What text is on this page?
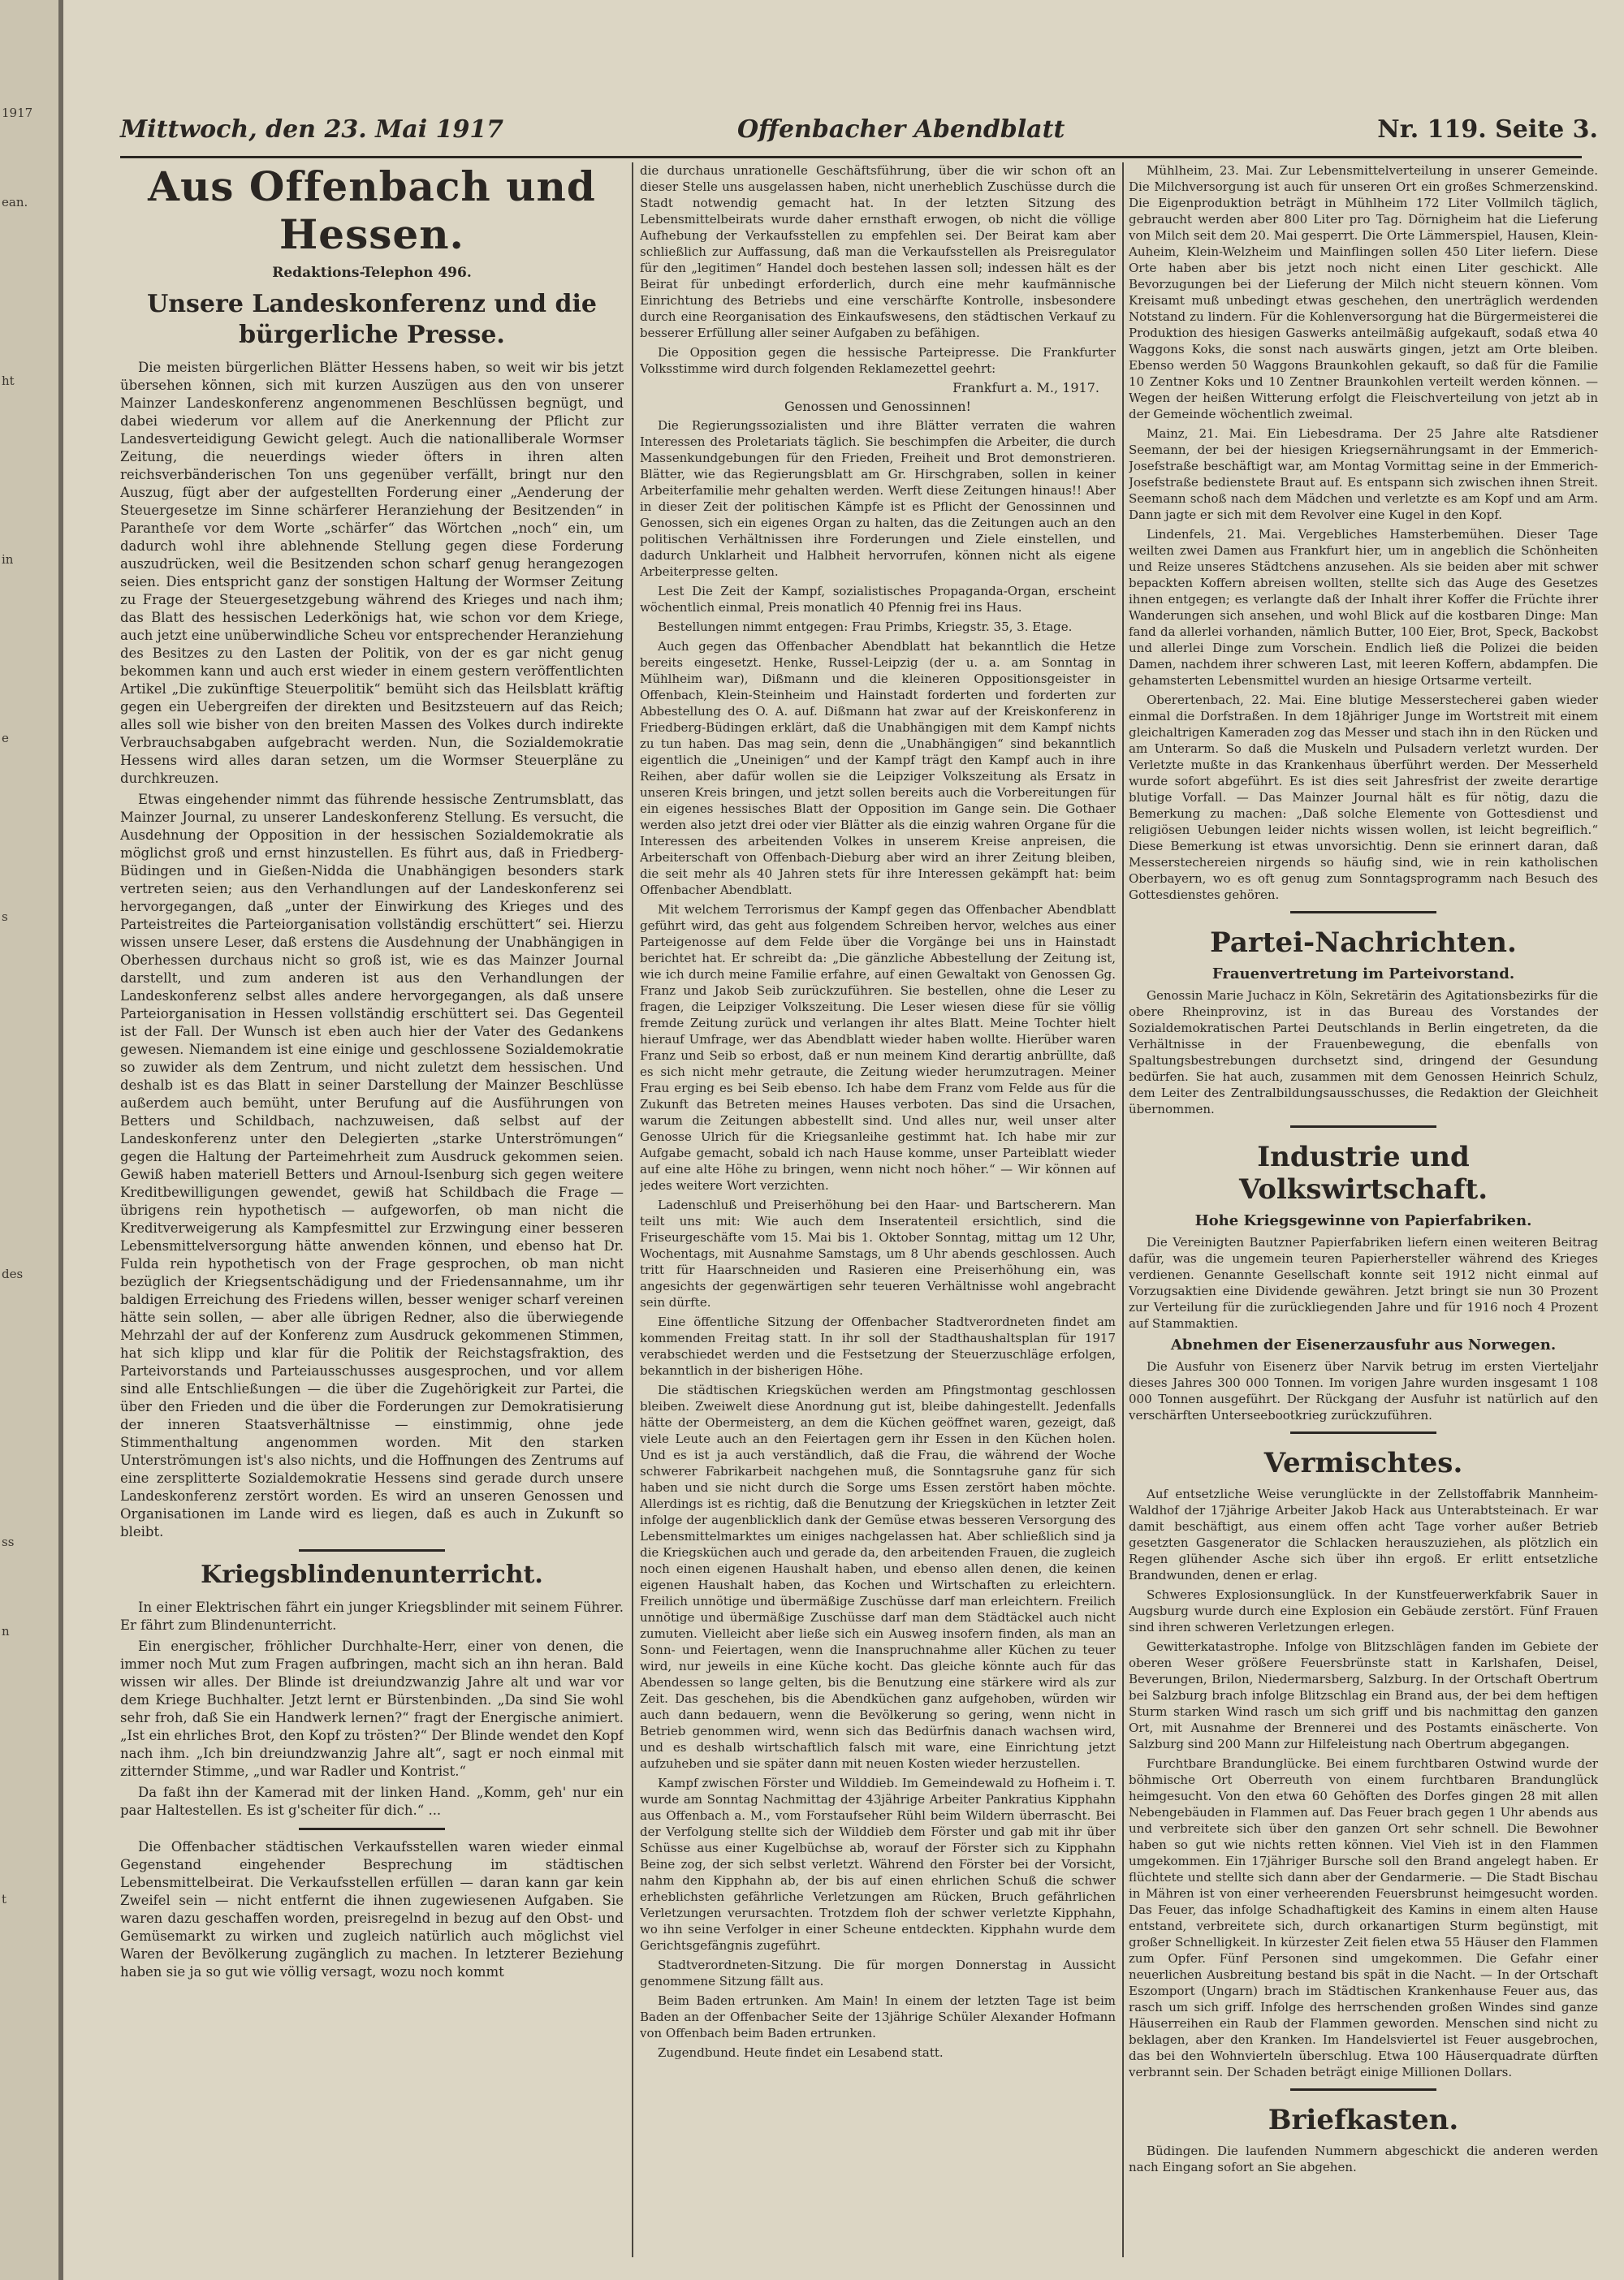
1917
ean.
ht
in
e
s
des
ss
n
t
Mittwoch, den 23. Mai 1917	Offenbacher Abendblatt	Nr. 119. Seite 3.
Aus Offenbach und Hessen.
Redaktions-Telephon 496.
Unsere Landeskonferenz und die bürgerliche Presse.

Die meisten bürgerlichen Blätter Hessens haben, so weit wir bis jetzt übersehen können, sich mit kurzen Auszügen aus den von unserer Mainzer Landeskonferenz angenommenen Beschlüssen begnügt, und dabei wiederum vor allem auf die Anerkennung der Pflicht zur Landesverteidigung Gewicht gelegt. Auch die nationalliberale Wormser Zeitung, die neuerdings wieder öfters in ihren alten reichsverbänderischen Ton uns gegenüber verfällt, bringt nur den Auszug, fügt aber der aufgestellten Forderung einer „Aenderung der Steuergesetze im Sinne schärferer Heranziehung der Besitzenden“ in Parantheſe vor dem Worte „schärfer“ das Wörtchen „noch“ ein, um dadurch wohl ihre ablehnende Stellung gegen diese Forderung auszudrücken, weil die Besitzenden schon scharf genug herangezogen seien. Dies entspricht ganz der sonstigen Haltung der Wormser Zeitung zu Frage der Steuergesetzgebung während des Krieges und nach ihm; das Blatt des hessischen Lederkönigs hat, wie schon vor dem Kriege, auch jetzt eine unüberwindliche Scheu vor entsprechender Heranziehung des Besitzes zu den Lasten der Politik, von der es gar nicht genug bekommen kann und auch erst wieder in einem gestern veröffentlichten Artikel „Die zukünftige Steuerpolitik“ bemüht sich das Heilsblatt kräftig gegen ein Uebergreifen der direkten und Besitzsteuern auf das Reich; alles soll wie bisher von den breiten Massen des Volkes durch indirekte Verbrauchsabgaben aufgebracht werden. Nun, die Sozialdemokratie Hessens wird alles daran setzen, um die Wormser Steuerpläne zu durchkreuzen.

Etwas eingehender nimmt das führende hessische Zentrumsblatt, das Mainzer Journal, zu unserer Landeskonferenz Stellung. Es versucht, die Ausdehnung der Opposition in der hessischen Sozialdemokratie als möglichst groß und ernst hinzustellen. Es führt aus, daß in Friedberg-Büdingen und in Gießen-Nidda die Unabhängigen besonders stark vertreten seien; aus den Verhandlungen auf der Landeskonferenz sei hervorgegangen, daß „unter der Einwirkung des Krieges und des Parteistreites die Parteiorganisation vollständig erschüttert“ sei. Hierzu wissen unsere Leser, daß erstens die Ausdehnung der Unabhängigen in Oberhessen durchaus nicht so groß ist, wie es das Mainzer Journal darstellt, und zum anderen ist aus den Verhandlungen der Landeskonferenz selbst alles andere hervorgegangen, als daß unsere Parteiorganisation in Hessen vollständig erschüttert sei. Das Gegenteil ist der Fall. Der Wunsch ist eben auch hier der Vater des Gedankens gewesen. Niemandem ist eine einige und geschlossene Sozialdemokratie so zuwider als dem Zentrum, und nicht zuletzt dem hessischen. Und deshalb ist es das Blatt in seiner Darstellung der Mainzer Beschlüsse außerdem auch bemüht, unter Berufung auf die Ausführungen von Betters und Schildbach, nachzuweisen, daß selbst auf der Landeskonferenz unter den Delegierten „starke Unterströmungen“ gegen die Haltung der Parteimehrheit zum Ausdruck gekommen seien. Gewiß haben materiell Betters und Arnoul-Isenburg sich gegen weitere Kreditbewilligungen gewendet, gewiß hat Schildbach die Frage — übrigens rein hypothetisch — aufgeworfen, ob man nicht die Kreditverweigerung als Kampfesmittel zur Erzwingung einer besseren Lebensmittelversorgung hätte anwenden können, und ebenso hat Dr. Fulda rein hypothetisch von der Frage gesprochen, ob man nicht bezüglich der Kriegsentschädigung und der Friedensannahme, um ihr baldigen Erreichung des Friedens willen, besser weniger scharf vereinen hätte sein sollen, — aber alle übrigen Redner, also die überwiegende Mehrzahl der auf der Konferenz zum Ausdruck gekommenen Stimmen, hat sich klipp und klar für die Politik der Reichstagsfraktion, des Parteivorstands und Parteiausschusses ausgesprochen, und vor allem sind alle Entschließungen — die über die Zugehörigkeit zur Partei, die über den Frieden und die über die Forderungen zur Demokratisierung der inneren Staatsverhältnisse — einstimmig, ohne jede Stimmenthaltung angenommen worden. Mit den starken Unterströmungen ist's also nichts, und die Hoffnungen des Zentrums auf eine zersplitterte Sozialdemokratie Hessens sind gerade durch unsere Landeskonferenz zerstört worden. Es wird an unseren Genossen und Organisationen im Lande wird es liegen, daß es auch in Zukunft so bleibt.

Kriegsblindenunterricht.

In einer Elektrischen fährt ein junger Kriegsblinder mit seinem Führer. Er fährt zum Blindenunterricht.

Ein energischer, fröhlicher Durchhalte-Herr, einer von denen, die immer noch Mut zum Fragen aufbringen, macht sich an ihn heran. Bald wissen wir alles. Der Blinde ist dreiundzwanzig Jahre alt und war vor dem Kriege Buchhalter. Jetzt lernt er Bürstenbinden. „Da sind Sie wohl sehr froh, daß Sie ein Handwerk lernen?“ fragt der Energische animiert. „Ist ein ehrliches Brot, den Kopf zu trösten?“ Der Blinde wendet den Kopf nach ihm. „Ich bin dreiundzwanzig Jahre alt“, sagt er noch einmal mit zitternder Stimme, „und war Radler und Kontrist.“

Da faßt ihn der Kamerad mit der linken Hand. „Komm, geh' nur ein paar Haltestellen. Es ist g'scheiter für dich.“ ...

Die Offenbacher städtischen Verkaufsstellen waren wieder einmal Gegenstand eingehender Besprechung im städtischen Lebensmittelbeirat. Die Verkaufsstellen erfüllen — daran kann gar kein Zweifel sein — nicht entfernt die ihnen zugewiesenen Aufgaben. Sie waren dazu geschaffen worden, preisregelnd in bezug auf den Obst- und Gemüsemarkt zu wirken und zugleich natürlich auch möglichst viel Waren der Bevölkerung zugänglich zu machen. In letzterer Beziehung haben sie ja so gut wie völlig versagt, wozu noch kommt

die durchaus unrationelle Geschäftsführung, über die wir schon oft an dieser Stelle uns ausgelassen haben, nicht unerheblich Zuschüsse durch die Stadt notwendig gemacht hat. In der letzten Sitzung des Lebensmittelbeirats wurde daher ernsthaft erwogen, ob nicht die völlige Aufhebung der Verkaufsstellen zu empfehlen sei. Der Beirat kam aber schließlich zur Auffassung, daß man die Verkaufsstellen als Preisregulator für den „legitimen“ Handel doch bestehen lassen soll; indessen hält es der Beirat für unbedingt erforderlich, durch eine mehr kaufmännische Einrichtung des Betriebs und eine verschärfte Kontrolle, insbesondere durch eine Reorganisation des Einkaufswesens, den städtischen Verkauf zu besserer Erfüllung aller seiner Aufgaben zu befähigen.

Die Opposition gegen die hessische Parteipresse. Die Frankfurter Volksstimme wird durch folgenden Reklamezettel geehrt:

Frankfurt a. M., 1917.
Genossen und Genossinnen!

Die Regierungssozialisten und ihre Blätter verraten die wahren Interessen des Proletariats täglich. Sie beschimpfen die Arbeiter, die durch Massenkundgebungen für den Frieden, Freiheit und Brot demonstrieren. Blätter, wie das Regierungsblatt am Gr. Hirschgraben, sollen in keiner Arbeiterfamilie mehr gehalten werden. Werft diese Zeitungen hinaus!! Aber in dieser Zeit der politischen Kämpfe ist es Pflicht der Genossinnen und Genossen, sich ein eigenes Organ zu halten, das die Zeitungen auch an den politischen Verhältnissen ihre Forderungen und Ziele einstellen, und dadurch Unklarheit und Halbheit hervorrufen, können nicht als eigene Arbeiterpresse gelten.

Lest Die Zeit der Kampf, sozialistisches Propaganda-Organ, erscheint wöchentlich einmal, Preis monatlich 40 Pfennig frei ins Haus.

Bestellungen nimmt entgegen: Frau Primbs, Kriegstr. 35, 3. Etage.

Auch gegen das Offenbacher Abendblatt hat bekanntlich die Hetze bereits eingesetzt. Henke, Russel-Leipzig (der u. a. am Sonntag in Mühlheim war), Dißmann und die kleineren Oppositionsgeister in Offenbach, Klein-Steinheim und Hainstadt forderten und forderten zur Abbestellung des O. A. auf. Dißmann hat zwar auf der Kreiskonferenz in Friedberg-Büdingen erklärt, daß die Unabhängigen mit dem Kampf nichts zu tun haben. Das mag sein, denn die „Unabhängigen“ sind bekanntlich eigentlich die „Uneinigen“ und der Kampf trägt den Kampf auch in ihre Reihen, aber dafür wollen sie die Leipziger Volkszeitung als Ersatz in unseren Kreis bringen, und jetzt sollen bereits auch die Vorbereitungen für ein eigenes hessisches Blatt der Opposition im Gange sein. Die Gothaer werden also jetzt drei oder vier Blätter als die einzig wahren Organe für die Interessen des arbeitenden Volkes in unserem Kreise anpreisen, die Arbeiterschaft von Offenbach-Dieburg aber wird an ihrer Zeitung bleiben, die seit mehr als 40 Jahren stets für ihre Interessen gekämpft hat: beim Offenbacher Abendblatt.

Mit welchem Terrorismus der Kampf gegen das Offenbacher Abendblatt geführt wird, das geht aus folgendem Schreiben hervor, welches aus einer Parteigenosse auf dem Felde über die Vorgänge bei uns in Hainstadt berichtet hat. Er schreibt da: „Die gänzliche Abbestellung der Zeitung ist, wie ich durch meine Familie erfahre, auf einen Gewaltakt von Genossen Gg. Franz und Jakob Seib zurückzuführen. Sie bestellen, ohne die Leser zu fragen, die Leipziger Volkszeitung. Die Leser wiesen diese für sie völlig fremde Zeitung zurück und verlangen ihr altes Blatt. Meine Tochter hielt hierauf Umfrage, wer das Abendblatt wieder haben wollte. Hierüber waren Franz und Seib so erbost, daß er nun meinem Kind derartig anbrüllte, daß es sich nicht mehr getraute, die Zeitung wieder herumzutragen. Meiner Frau erging es bei Seib ebenso. Ich habe dem Franz vom Felde aus für die Zukunft das Betreten meines Hauses verboten. Das sind die Ursachen, warum die Zeitungen abbestellt sind. Und alles nur, weil unser alter Genosse Ulrich für die Kriegsanleihe gestimmt hat. Ich habe mir zur Aufgabe gemacht, sobald ich nach Hause komme, unser Parteiblatt wieder auf eine alte Höhe zu bringen, wenn nicht noch höher.“ — Wir können auf jedes weitere Wort verzichten.

Ladenschluß und Preiserhöhung bei den Haar- und Bartscherern. Man teilt uns mit: Wie auch dem Inseratenteil ersichtlich, sind die Friseurgeschäfte vom 15. Mai bis 1. Oktober Sonntag, mittag um 12 Uhr, Wochentags, mit Ausnahme Samstags, um 8 Uhr abends geschlossen. Auch tritt für Haarschneiden und Rasieren eine Preiserhöhung ein, was angesichts der gegenwärtigen sehr teueren Verhältnisse wohl angebracht sein dürfte.

Eine öffentliche Sitzung der Offenbacher Stadtverordneten findet am kommenden Freitag statt. In ihr soll der Stadthaushaltsplan für 1917 verabschiedet werden und die Festsetzung der Steuerzuschläge erfolgen, bekanntlich in der bisherigen Höhe.

Die städtischen Kriegsküchen werden am Pfingstmontag geschlossen bleiben. Zweiwelt diese Anordnung gut ist, bleibe dahingestellt. Jedenfalls hätte der Obermeisterg, an dem die Küchen geöffnet waren, gezeigt, daß viele Leute auch an den Feiertagen gern ihr Essen in den Küchen holen. Und es ist ja auch verständlich, daß die Frau, die während der Woche schwerer Fabrikarbeit nachgehen muß, die Sonntagsruhe ganz für sich haben und sie nicht durch die Sorge ums Essen zerstört haben möchte. Allerdings ist es richtig, daß die Benutzung der Kriegsküchen in letzter Zeit infolge der augenblicklich dank der Gemüse etwas besseren Versorgung des Lebensmittelmarktes um einiges nachgelassen hat. Aber schließlich sind ja die Kriegsküchen auch und gerade da, den arbeitenden Frauen, die zugleich noch einen eigenen Haushalt haben, und ebenso allen denen, die keinen eigenen Haushalt haben, das Kochen und Wirtschaften zu erleichtern. Freilich unnötige und übermäßige Zuschüsse darf man erleichtern. Freilich unnötige und übermäßige Zuschüsse darf man dem Städtäckel auch nicht zumuten. Vielleicht aber ließe sich ein Ausweg insofern finden, als man an Sonn- und Feiertagen, wenn die Inanspruchnahme aller Küchen zu teuer wird, nur jeweils in eine Küche kocht. Das gleiche könnte auch für das Abendessen so lange gelten, bis die Benutzung eine stärkere wird als zur Zeit. Das geschehen, bis die Abendküchen ganz aufgehoben, würden wir auch dann bedauern, wenn die Bevölkerung so gering, wenn nicht in Betrieb genommen wird, wenn sich das Bedürfnis danach wachsen wird, und es deshalb wirtschaftlich falsch mit ware, eine Einrichtung jetzt aufzuheben und sie später dann mit neuen Kosten wieder herzustellen.

Kampf zwischen Förster und Wilddieb. Im Gemeindewald zu Hofheim i. T. wurde am Sonntag Nachmittag der 43jährige Arbeiter Pankratius Kipphahn aus Offenbach a. M., vom Forstaufseher Rühl beim Wildern überrascht. Bei der Verfolgung stellte sich der Wilddieb dem Förster und gab mit ihr über Schüsse aus einer Kugelbüchse ab, worauf der Förster sich zu Kipphahn Beine zog, der sich selbst verletzt. Während den Förster bei der Vorsicht, nahm den Kipphahn ab, der bis auf einen ehrlichen Schuß die schwer erheblichsten gefährliche Verletzungen am Rücken, Bruch gefährlichen Verletzungen verursachten. Trotzdem floh der schwer verletzte Kipphahn, wo ihn seine Verfolger in einer Scheune entdeckten. Kipphahn wurde dem Gerichtsgefängnis zugeführt.

Stadtverordneten-Sitzung. Die für morgen Donnerstag in Aussicht genommene Sitzung fällt aus.

Beim Baden ertrunken. Am Main! In einem der letzten Tage ist beim Baden an der Offenbacher Seite der 13jährige Schüler Alexander Hofmann von Offenbach beim Baden ertrunken.

Zugendbund. Heute findet ein Lesabend statt.

Mühlheim, 23. Mai. Zur Lebensmittelverteilung in unserer Gemeinde. Die Milchversorgung ist auch für unseren Ort ein großes Schmerzenskind. Die Eigenproduktion beträgt in Mühlheim 172 Liter Vollmilch täglich, gebraucht werden aber 800 Liter pro Tag. Dörnigheim hat die Lieferung von Milch seit dem 20. Mai gesperrt. Die Orte Lämmerspiel, Hausen, Klein-Auheim, Klein-Welzheim und Mainflingen sollen 450 Liter liefern. Diese Orte haben aber bis jetzt noch nicht einen Liter geschickt. Alle Bevorzugungen bei der Lieferung der Milch nicht steuern können. Vom Kreisamt muß unbedingt etwas geschehen, den unerträglich werdenden Notstand zu lindern. Für die Kohlenversorgung hat die Bürgermeisterei die Produktion des hiesigen Gaswerks anteilmäßig aufgekauft, sodaß etwa 40 Waggons Koks, die sonst nach auswärts gingen, jetzt am Orte bleiben. Ebenso werden 50 Waggons Braunkohlen gekauft, so daß für die Familie 10 Zentner Koks und 10 Zentner Braunkohlen verteilt werden können. — Wegen der heißen Witterung erfolgt die Fleischverteilung von jetzt ab in der Gemeinde wöchentlich zweimal.

Mainz, 21. Mai. Ein Liebesdrama. Der 25 Jahre alte Ratsdiener Seemann, der bei der hiesigen Kriegsernährungsamt in der Emmerich-Josefstraße beschäftigt war, am Montag Vormittag seine in der Emmerich-Josefstraße bedienstete Braut auf. Es entspann sich zwischen ihnen Streit. Seemann schoß nach dem Mädchen und verletzte es am Kopf und am Arm. Dann jagte er sich mit dem Revolver eine Kugel in den Kopf.

Lindenfels, 21. Mai. Vergebliches Hamsterbemühen. Dieser Tage weilten zwei Damen aus Frankfurt hier, um in angeblich die Schönheiten und Reize unseres Städtchens anzusehen. Als sie beiden aber mit schwer bepackten Koffern abreisen wollten, stellte sich das Auge des Gesetzes ihnen entgegen; es verlangte daß der Inhalt ihrer Koffer die Früchte ihrer Wanderungen sich ansehen, und wohl Blick auf die kostbaren Dinge: Man fand da allerlei vorhanden, nämlich Butter, 100 Eier, Brot, Speck, Backobst und allerlei Dinge zum Vorschein. Endlich ließ die Polizei die beiden Damen, nachdem ihrer schweren Last, mit leeren Koffern, abdampfen. Die gehamsterten Lebensmittel wurden an hiesige Ortsarme verteilt.

Oberertenbach, 22. Mai. Eine blutige Messerstecherei gaben wieder einmal die Dorfstraßen. In dem 18jähriger Junge im Wortstreit mit einem gleichaltrigen Kameraden zog das Messer und stach ihn in den Rücken und am Unterarm. So daß die Muskeln und Pulsadern verletzt wurden. Der Verletzte mußte in das Krankenhaus überführt werden. Der Messerheld wurde sofort abgeführt. Es ist dies seit Jahresfrist der zweite derartige blutige Vorfall. — Das Mainzer Journal hält es für nötig, dazu die Bemerkung zu machen: „Daß solche Elemente von Gottesdienst und religiösen Uebungen leider nichts wissen wollen, ist leicht begreiflich.“ Diese Bemerkung ist etwas unvorsichtig. Denn sie erinnert daran, daß Messerstechereien nirgends so häufig sind, wie in rein katholischen Oberbayern, wo es oft genug zum Sonntagsprogramm nach Besuch des Gottesdienstes gehören.

Partei-Nachrichten.
Frauenvertretung im Parteivorstand.

Genossin Marie Juchacz in Köln, Sekretärin des Agitationsbezirks für die obere Rheinprovinz, ist in das Bureau des Vorstandes der Sozialdemokratischen Partei Deutschlands in Berlin eingetreten, da die Verhältnisse in der Frauenbewegung, die ebenfalls von Spaltungsbestrebungen durchsetzt sind, dringend der Gesundung bedürfen. Sie hat auch, zusammen mit dem Genossen Heinrich Schulz, dem Leiter des Zentralbildungsausschusses, die Redaktion der Gleichheit übernommen.

Industrie und Volkswirtschaft.
Hohe Kriegsgewinne von Papierfabriken.

Die Vereinigten Bautzner Papierfabriken liefern einen weiteren Beitrag dafür, was die ungemein teuren Papierhersteller während des Krieges verdienen. Genannte Gesellschaft konnte seit 1912 nicht einmal auf Vorzugsaktien eine Dividende gewähren. Jetzt bringt sie nun 30 Prozent zur Verteilung für die zurückliegenden Jahre und für 1916 noch 4 Prozent auf Stammaktien.

Abnehmen der Eisenerzausfuhr aus Norwegen.

Die Ausfuhr von Eisenerz über Narvik betrug im ersten Vierteljahr dieses Jahres 300 000 Tonnen. Im vorigen Jahre wurden insgesamt 1 108 000 Tonnen ausgeführt. Der Rückgang der Ausfuhr ist natürlich auf den verschärften Unterseebootkrieg zurückzuführen.

Vermischtes.

Auf entsetzliche Weise verunglückte in der Zellstoffabrik Mannheim-Waldhof der 17jährige Arbeiter Jakob Hack aus Unterabtsteinach. Er war damit beschäftigt, aus einem offen acht Tage vorher außer Betrieb gesetzten Gasgenerator die Schlacken herauszuziehen, als plötzlich ein Regen glühender Asche sich über ihn ergoß. Er erlitt entsetzliche Brandwunden, denen er erlag.

Schweres Explosionsunglück. In der Kunstfeuerwerkfabrik Sauer in Augsburg wurde durch eine Explosion ein Gebäude zerstört. Fünf Frauen sind ihren schweren Verletzungen erlegen.

Gewitterkatastrophe. Infolge von Blitzschlägen fanden im Gebiete der oberen Weser größere Feuersbrünste statt in Karlshafen, Deisel, Beverungen, Brilon, Niedermarsberg, Salzburg. In der Ortschaft Obertrum bei Salzburg brach infolge Blitzschlag ein Brand aus, der bei dem heftigen Sturm starken Wind rasch um sich griff und bis nachmittag den ganzen Ort, mit Ausnahme der Brennerei und des Postamts einäscherte. Von Salzburg sind 200 Mann zur Hilfeleistung nach Obertrum abgegangen.

Furchtbare Brandunglücke. Bei einem furchtbaren Ostwind wurde der böhmische Ort Oberreuth von einem furchtbaren Brandunglück heimgesucht. Von den etwa 60 Gehöften des Dorfes gingen 28 mit allen Nebengebäuden in Flammen auf. Das Feuer brach gegen 1 Uhr abends aus und verbreitete sich über den ganzen Ort sehr schnell. Die Bewohner haben so gut wie nichts retten können. Viel Vieh ist in den Flammen umgekommen. Ein 17jähriger Bursche soll den Brand angelegt haben. Er flüchtete und stellte sich dann aber der Gendarmerie. — Die Stadt Bischau in Mähren ist von einer verheerenden Feuersbrunst heimgesucht worden. Das Feuer, das infolge Schadhaftigkeit des Kamins in einem alten Hause entstand, verbreitete sich, durch orkanartigen Sturm begünstigt, mit großer Schnelligkeit. In kürzester Zeit fielen etwa 55 Häuser den Flammen zum Opfer. Fünf Personen sind umgekommen. Die Gefahr einer neuerlichen Ausbreitung bestand bis spät in die Nacht. — In der Ortschaft Eszomport (Ungarn) brach im Städtischen Krankenhause Feuer aus, das rasch um sich griff. Infolge des herrschenden großen Windes sind ganze Häuserreihen ein Raub der Flammen geworden. Menschen sind nicht zu beklagen, aber den Kranken. Im Handelsviertel ist Feuer ausgebrochen, das bei den Wohnvierteln überschlug. Etwa 100 Häuserquadrate dürften verbrannt sein. Der Schaden beträgt einige Millionen Dollars.

Briefkasten.

Büdingen. Die laufenden Nummern abgeschickt die anderen werden nach Eingang sofort an Sie abgehen.
